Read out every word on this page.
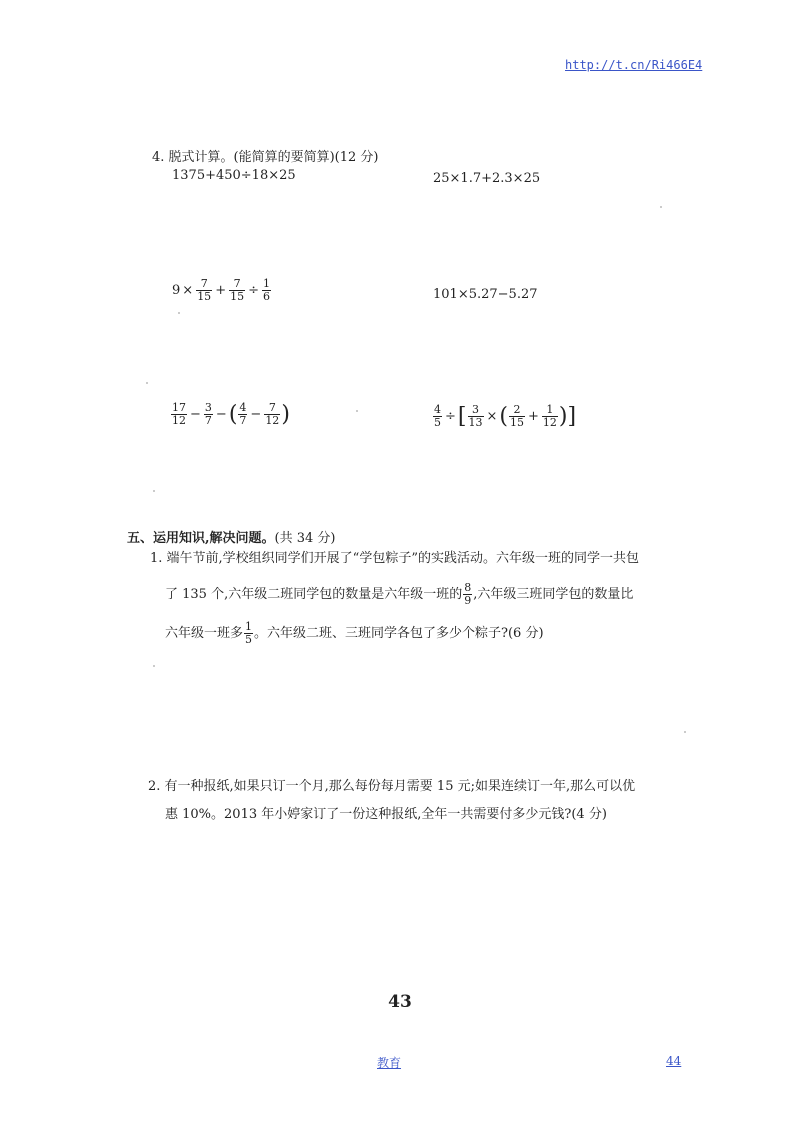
http://t.cn/Ri466E4
4. 脱式计算。(能简算的要简算)(12 分)
1375+450÷18×25	25×1.7+2.3×25
$9 \times \frac{7}{15} + \frac{7}{15} \div \frac{1}{6}$	101×5.27−5.27
$\frac{17}{12} - \frac{3}{7}$ − ( $\frac{4}{7} - \frac{7}{12}$ )	$\frac{4}{5}$ ÷ [ $\frac{3}{13}$ × ( $\frac{2}{15} + \frac{1}{12}$ ) ]
五、运用知识,解决问题。(共 34 分)
1. 端午节前,学校组织同学们开展了“学包粽子”的实践活动。六年级一班的同学一共包
了 135 个,六年级二班同学包的数量是六年级一班的 $\frac{8}{9}$ ,六年级三班同学包的数量比
六年级一班多 $\frac{1}{5}$ 。六年级二班、三班同学各包了多少个粽子?(6 分)
2. 有一种报纸,如果只订一个月,那么每份每月需要 15 元;如果连续订一年,那么可以优
惠 10%。2013 年小婷家订了一份这种报纸,全年一共需要付多少元钱?(4 分)
43
教育	44
